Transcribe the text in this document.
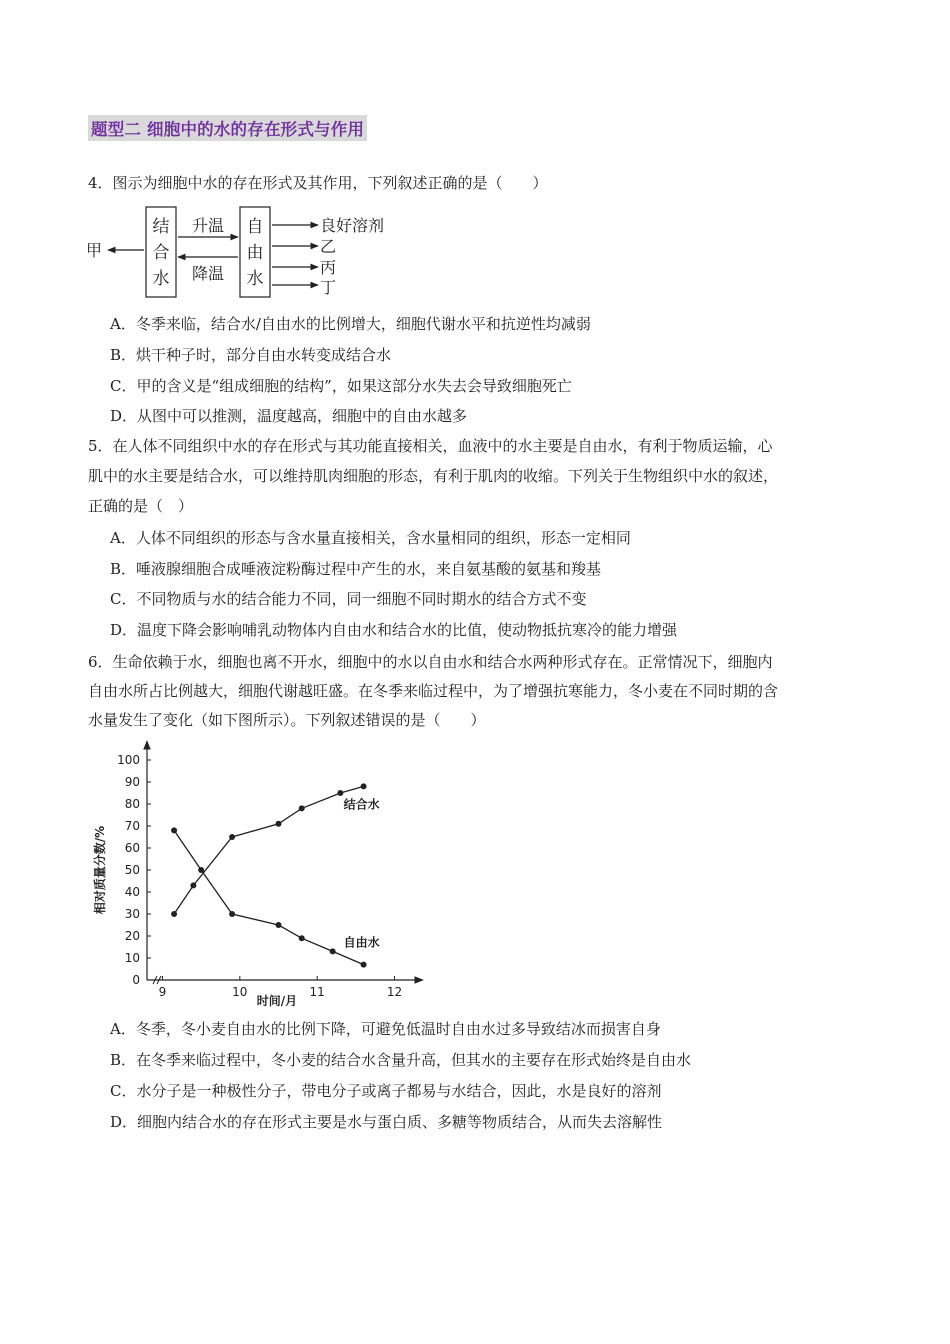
题型二 细胞中的水的存在形式与作用
4．图示为细胞中水的存在形式及其作用，下列叙述正确的是（　　）
结
合
水
自
由
水
升温
降温
甲
良好溶剂
乙
丙
丁
A．冬季来临，结合水/自由水的比例增大，细胞代谢水平和抗逆性均减弱
B．烘干种子时，部分自由水转变成结合水
C．甲的含义是“组成细胞的结构”，如果这部分水失去会导致细胞死亡
D．从图中可以推测，温度越高，细胞中的自由水越多
5．在人体不同组织中水的存在形式与其功能直接相关，血液中的水主要是自由水，有利于物质运输，心
肌中的水主要是结合水，可以维持肌肉细胞的形态，有利于肌肉的收缩。下列关于生物组织中水的叙述，
正确的是（　）
A．人体不同组织的形态与含水量直接相关，含水量相同的组织，形态一定相同
B．唾液腺细胞合成唾液淀粉酶过程中产生的水，来自氨基酸的氨基和羧基
C．不同物质与水的结合能力不同，同一细胞不同时期水的结合方式不变
D．温度下降会影响哺乳动物体内自由水和结合水的比值，使动物抵抗寒冷的能力增强
6．生命依赖于水，细胞也离不开水，细胞中的水以自由水和结合水两种形式存在。正常情况下，细胞内
自由水所占比例越大，细胞代谢越旺盛。在冬季来临过程中，为了增强抗寒能力，冬小麦在不同时期的含
水量发生了变化（如下图所示）。下列叙述错误的是（　　）
0
10
20
30
40
50
60
70
80
90
100
9	10	11	12
结合水
自由水
相对质量分数/%
时间/月
A．冬季，冬小麦自由水的比例下降，可避免低温时自由水过多导致结冰而损害自身
B．在冬季来临过程中，冬小麦的结合水含量升高，但其水的主要存在形式始终是自由水
C．水分子是一种极性分子，带电分子或离子都易与水结合，因此，水是良好的溶剂
D．细胞内结合水的存在形式主要是水与蛋白质、多糖等物质结合，从而失去溶解性
